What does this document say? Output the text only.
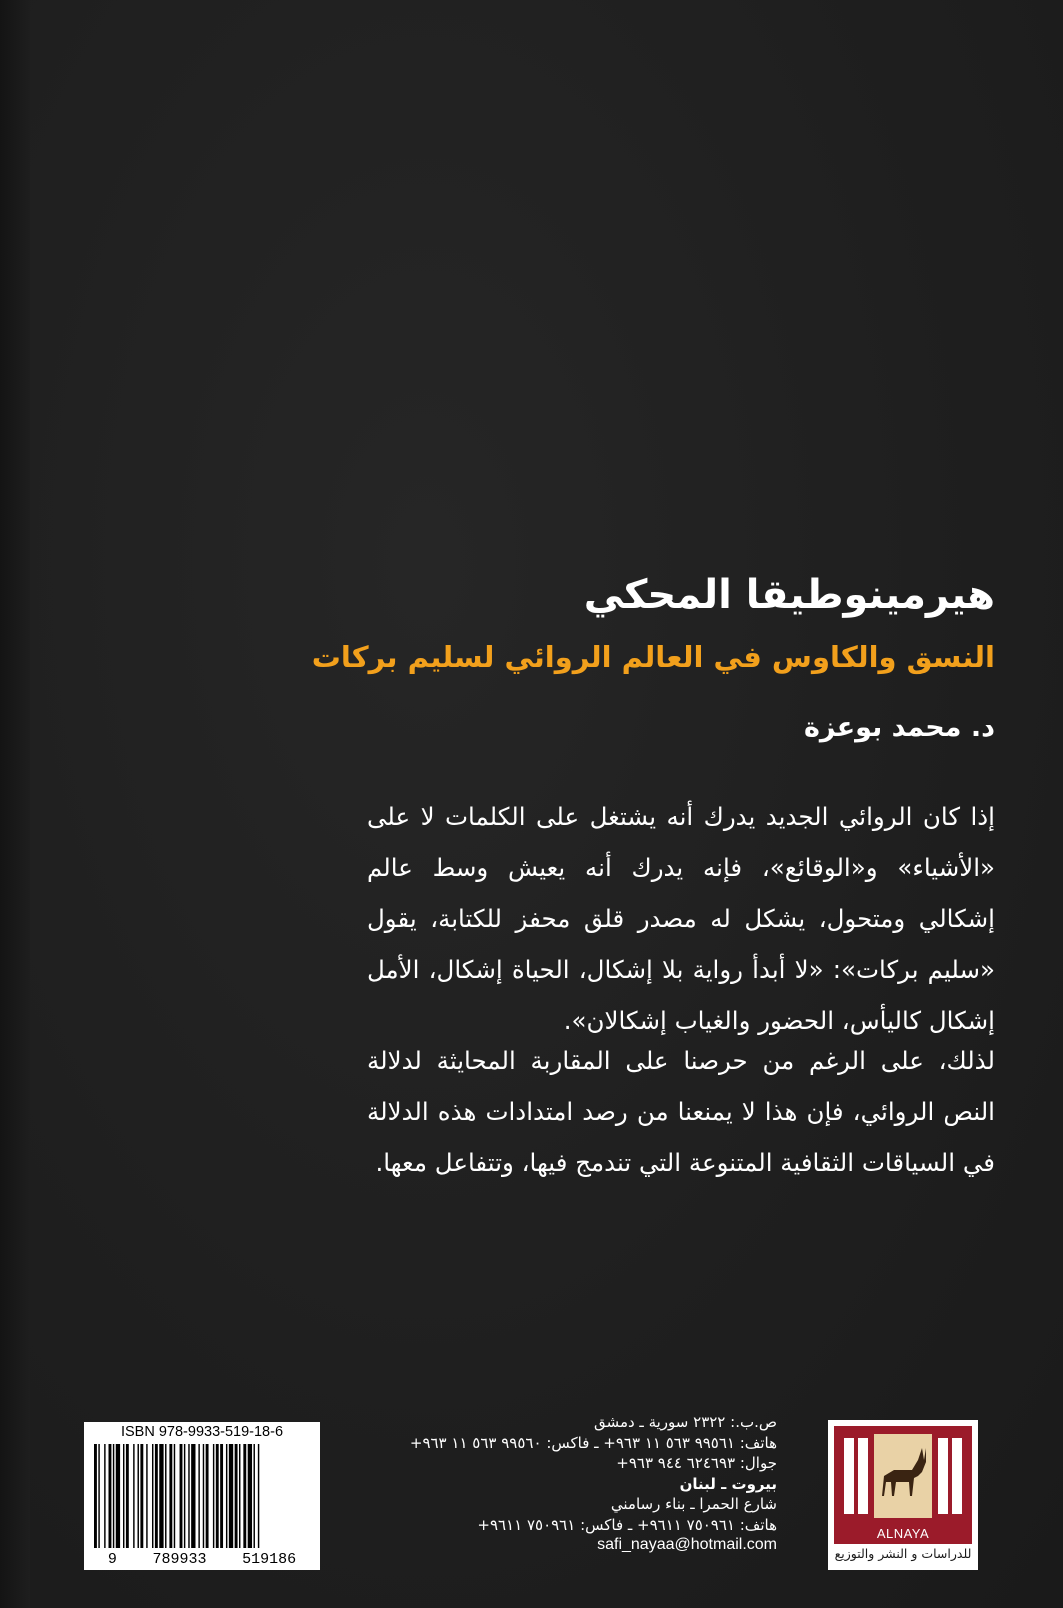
هيرمينوطيقا المحكي
النسق والكاوس في العالم الروائي لسليم بركات
د. محمد بوعزة

إذا كان الروائي الجديد يدرك أنه يشتغل على الكلمات لا على «الأشياء» و«الوقائع»، فإنه يدرك أنه يعيش وسط عالم إشكالي ومتحول، يشكل له مصدر قلق محفز للكتابة، يقول «سليم بركات»: «لا أبدأ رواية بلا إشكال، الحياة إشكال، الأمل إشكال كاليأس، الحضور والغياب إشكالان».

لذلك، على الرغم من حرصنا على المقاربة المحايثة لدلالة النص الروائي، فإن هذا لا يمنعنا من رصد امتدادات هذه الدلالة في السياقات الثقافية المتنوعة التي تندمج فيها، وتتفاعل معها.

ISBN 978-9933-519-18-6
9 789933 519186
ص.ب.: ٢٣٢٢ سورية ـ دمشق
هاتف: ٩٩٥٦١ ٥٦٣ ١١ ٩٦٣+ ـ فاكس: ٩٩٥٦٠ ٥٦٣ ١١ ٩٦٣+
جوال: ٦٢٤٦٩٣ ٩٤٤ ٩٦٣+
بيروت ـ لبنان
شارع الحمرا ـ بناء رسامني
هاتف: ٧٥٠٩٦١ ٩٦١١+ ـ فاكس: ٧٥٠٩٦١ ٩٦١١+
safi_nayaa@hotmail.com
ALNAYA
للدراسات و النشر والتوزيع
